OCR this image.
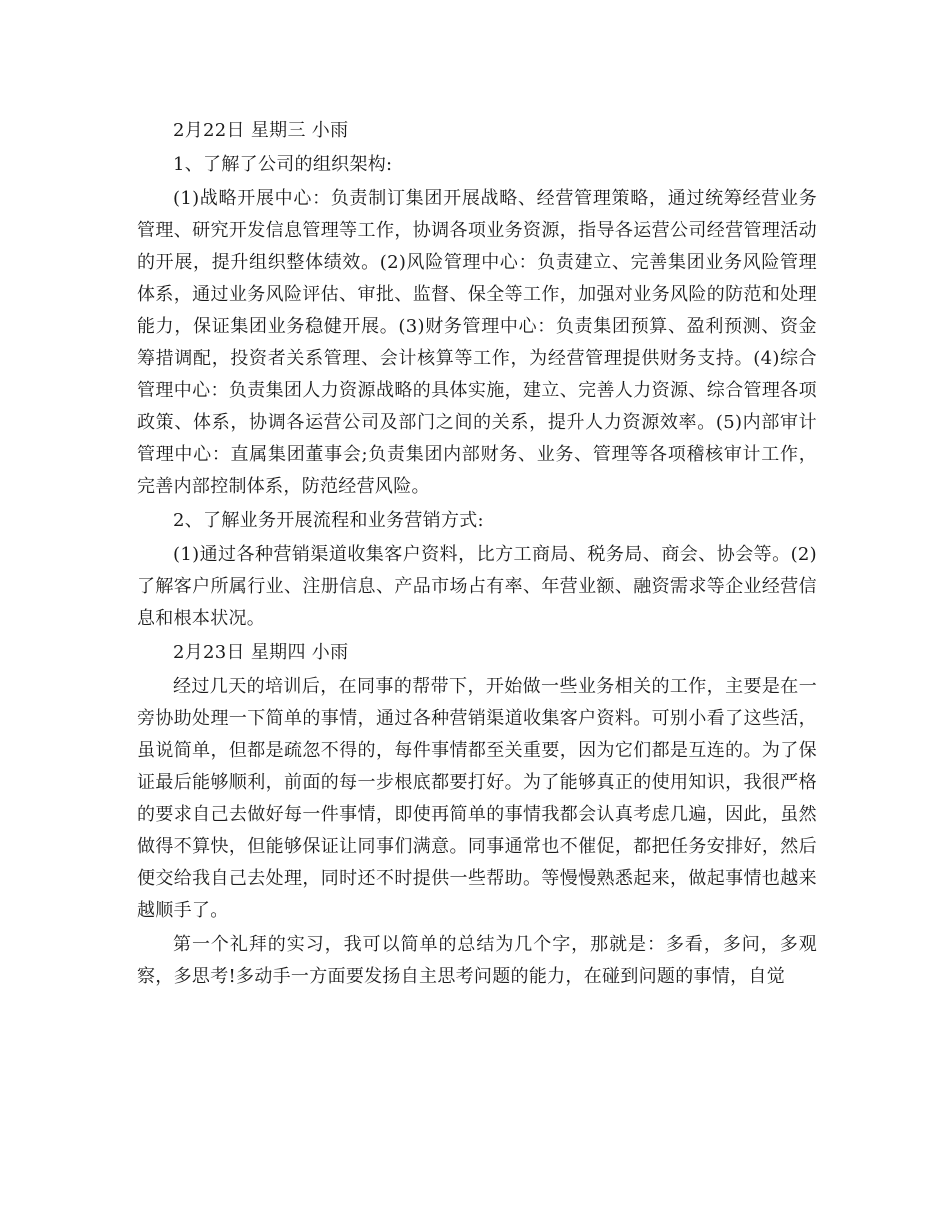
2月22日 星期三 小雨

1、了解了公司的组织架构:

(1)战略开展中心：负责制订集团开展战略、经营管理策略，通过统筹经营业务管理、研究开发信息管理等工作，协调各项业务资源，指导各运营公司经营管理活动的开展，提升组织整体绩效。(2)风险管理中心：负责建立、完善集团业务风险管理体系，通过业务风险评估、审批、监督、保全等工作，加强对业务风险的防范和处理能力，保证集团业务稳健开展。(3)财务管理中心：负责集团预算、盈利预测、资金筹措调配，投资者关系管理、会计核算等工作，为经营管理提供财务支持。(4)综合管理中心：负责集团人力资源战略的具体实施，建立、完善人力资源、综合管理各项政策、体系，协调各运营公司及部门之间的关系，提升人力资源效率。(5)内部审计管理中心：直属集团董事会;负责集团内部财务、业务、管理等各项稽核审计工作，完善内部控制体系，防范经营风险。

2、了解业务开展流程和业务营销方式:

(1)通过各种营销渠道收集客户资料，比方工商局、税务局、商会、协会等。(2)了解客户所属行业、注册信息、产品市场占有率、年营业额、融资需求等企业经营信息和根本状况。

2月23日 星期四 小雨

经过几天的培训后，在同事的帮带下，开始做一些业务相关的工作，主要是在一旁协助处理一下简单的事情，通过各种营销渠道收集客户资料。可别小看了这些活，虽说简单，但都是疏忽不得的，每件事情都至关重要，因为它们都是互连的。为了保证最后能够顺利，前面的每一步根底都要打好。为了能够真正的使用知识，我很严格的要求自己去做好每一件事情，即使再简单的事情我都会认真考虑几遍，因此，虽然做得不算快，但能够保证让同事们满意。同事通常也不催促，都把任务安排好，然后便交给我自己去处理，同时还不时提供一些帮助。等慢慢熟悉起来，做起事情也越来越顺手了。

第一个礼拜的实习，我可以简单的总结为几个字，那就是：多看，多问，多观察，多思考!多动手一方面要发扬自主思考问题的能力，在碰到问题的事情，自觉
